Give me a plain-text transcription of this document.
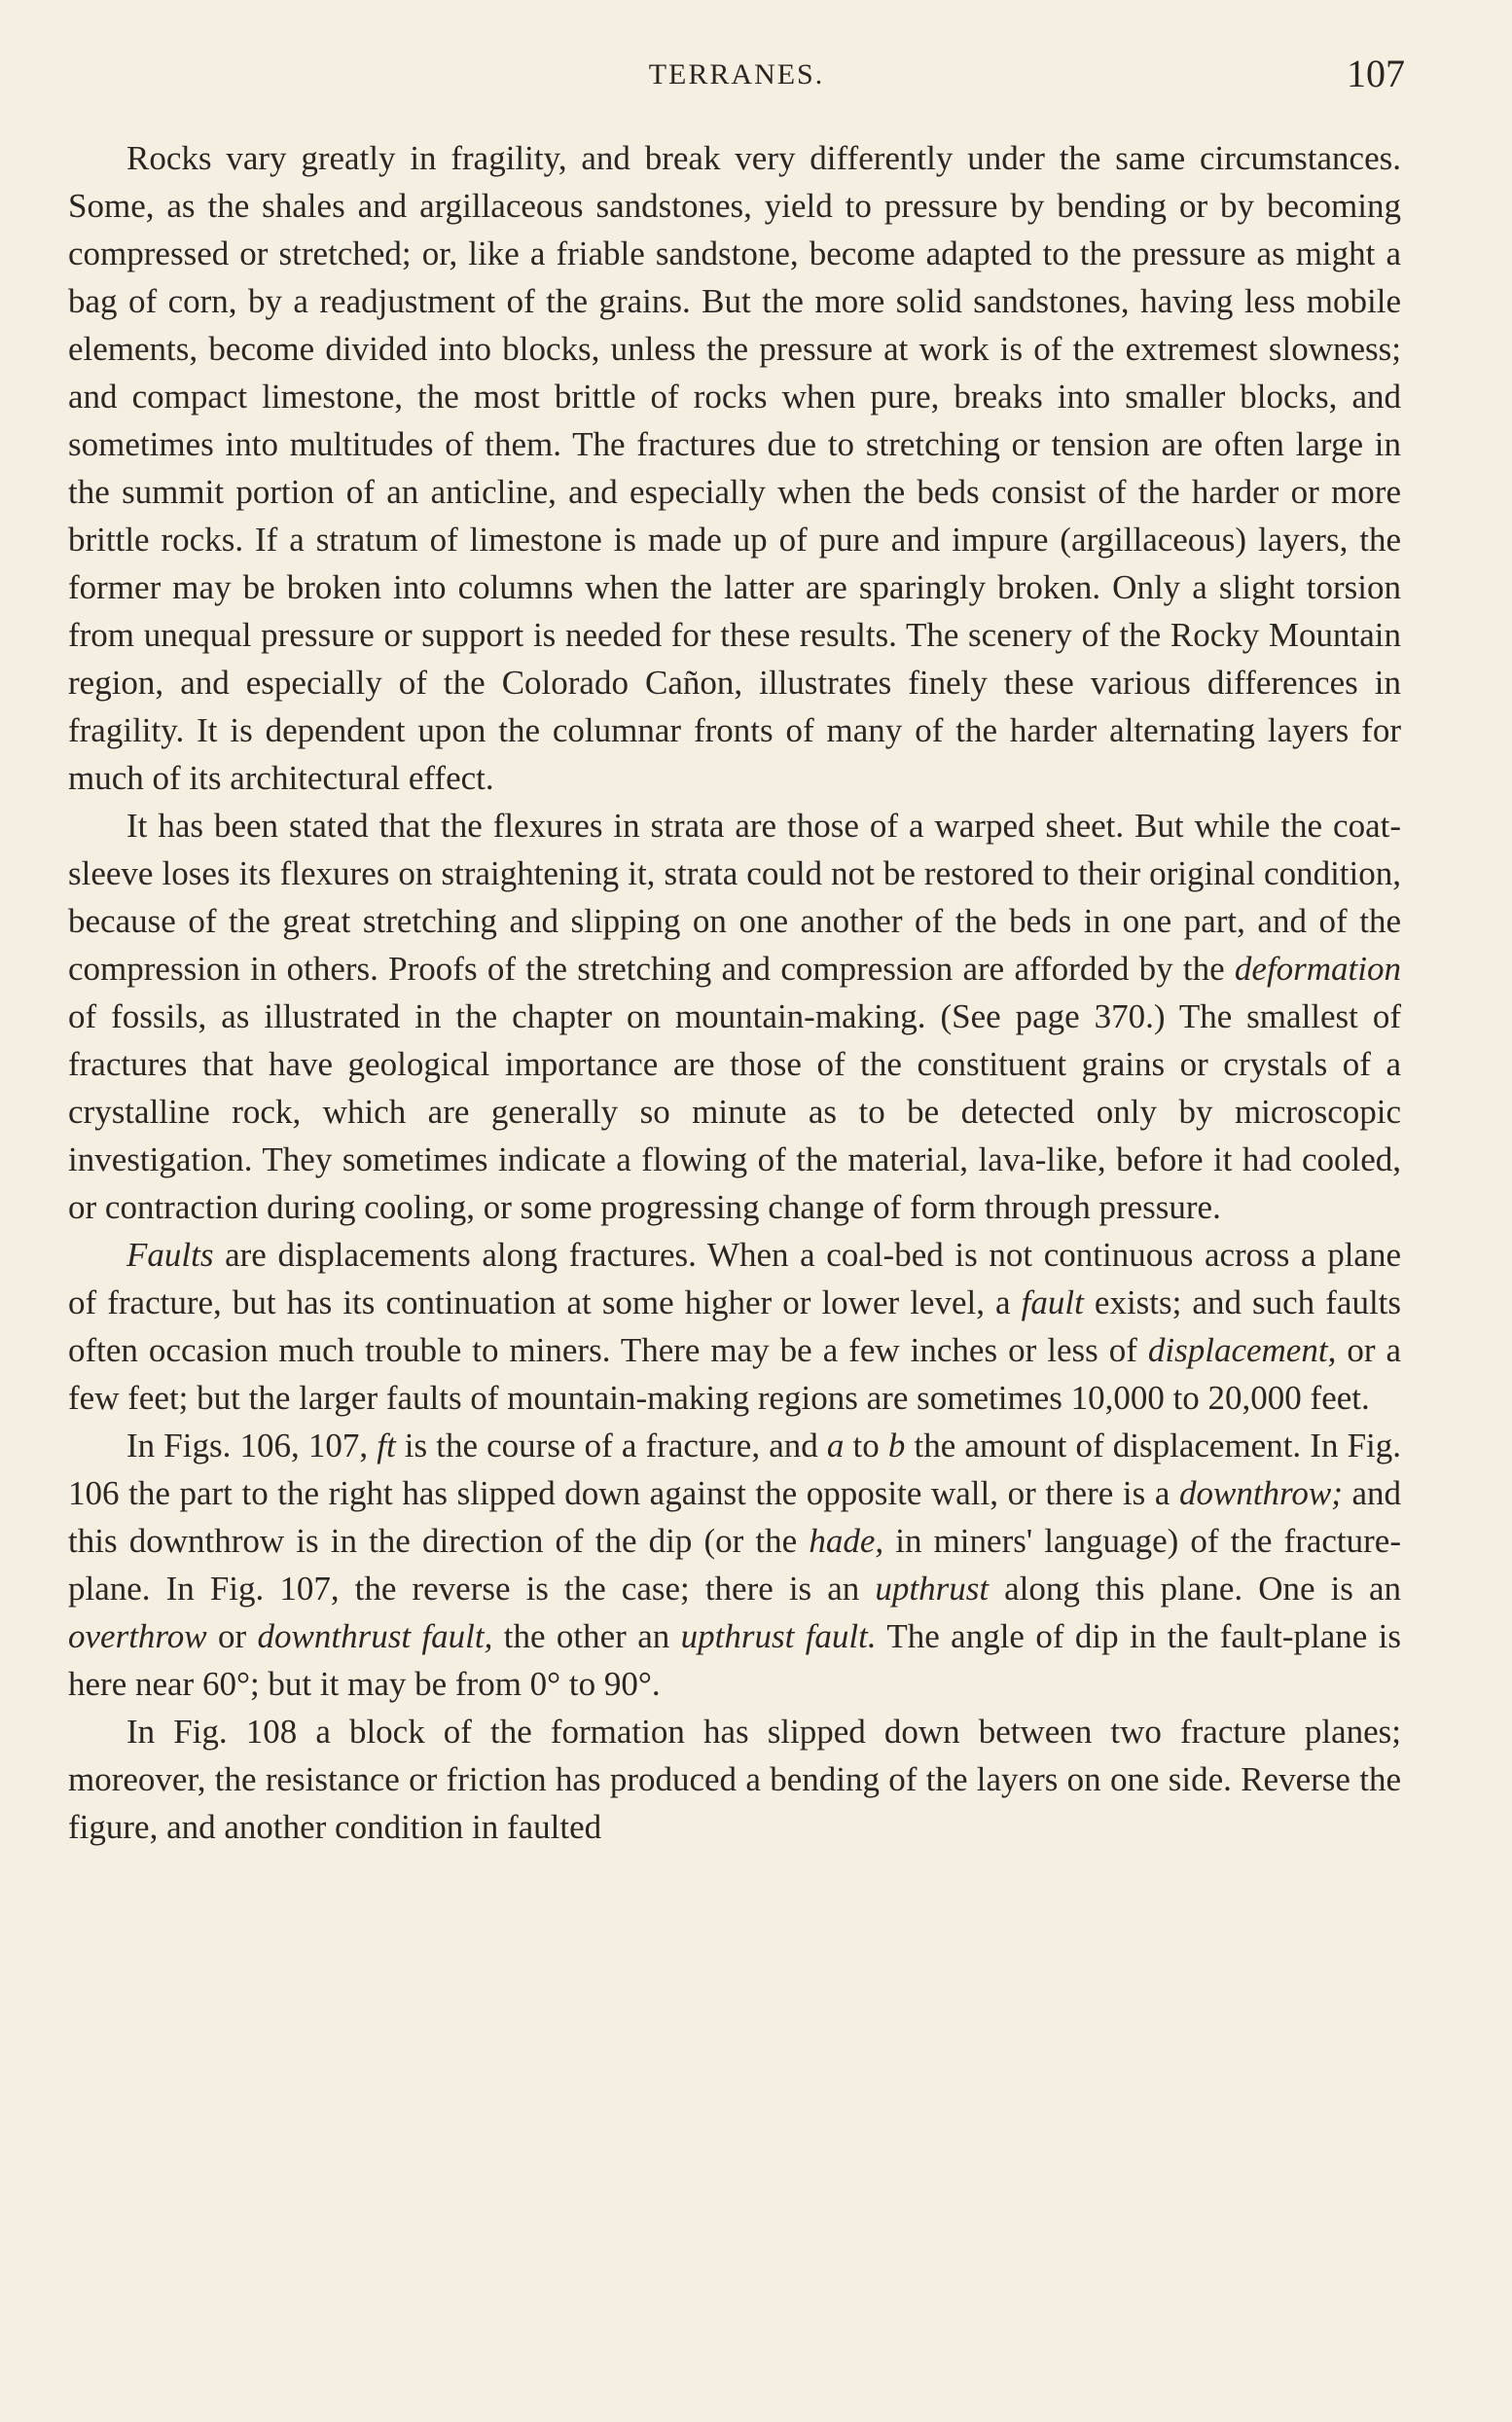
TERRANES.	107

Rocks vary greatly in fragility, and break very differently under the same circumstances. Some, as the shales and argillaceous sandstones, yield to pressure by bending or by becoming compressed or stretched; or, like a friable sandstone, become adapted to the pressure as might a bag of corn, by a readjustment of the grains. But the more solid sandstones, having less mobile elements, become divided into blocks, unless the pressure at work is of the extremest slowness; and compact limestone, the most brittle of rocks when pure, breaks into smaller blocks, and sometimes into multitudes of them. The fractures due to stretching or tension are often large in the summit portion of an anticline, and especially when the beds consist of the harder or more brittle rocks. If a stratum of limestone is made up of pure and impure (argillaceous) layers, the former may be broken into columns when the latter are sparingly broken. Only a slight torsion from unequal pressure or support is needed for these results. The scenery of the Rocky Mountain region, and especially of the Colorado Cañon, illustrates finely these various differences in fragility. It is dependent upon the columnar fronts of many of the harder alternating layers for much of its architectural effect.

It has been stated that the flexures in strata are those of a warped sheet. But while the coat-sleeve loses its flexures on straightening it, strata could not be restored to their original condition, because of the great stretching and slipping on one another of the beds in one part, and of the compression in others. Proofs of the stretching and compression are afforded by the deformation of fossils, as illustrated in the chapter on mountain-making. (See page 370.) The smallest of fractures that have geological importance are those of the constituent grains or crystals of a crystalline rock, which are generally so minute as to be detected only by microscopic investigation. They sometimes indicate a flowing of the material, lava-like, before it had cooled, or contraction during cooling, or some progressing change of form through pressure.

Faults are displacements along fractures. When a coal-bed is not continuous across a plane of fracture, but has its continuation at some higher or lower level, a fault exists; and such faults often occasion much trouble to miners. There may be a few inches or less of displacement, or a few feet; but the larger faults of mountain-making regions are sometimes 10,000 to 20,000 feet.

In Figs. 106, 107, ft is the course of a fracture, and a to b the amount of displacement. In Fig. 106 the part to the right has slipped down against the opposite wall, or there is a downthrow; and this downthrow is in the direction of the dip (or the hade, in miners' language) of the fracture-plane. In Fig. 107, the reverse is the case; there is an upthrust along this plane. One is an overthrow or downthrust fault, the other an upthrust fault. The angle of dip in the fault-plane is here near 60°; but it may be from 0° to 90°.

In Fig. 108 a block of the formation has slipped down between two fracture planes; moreover, the resistance or friction has produced a bending of the layers on one side. Reverse the figure, and another condition in faulted
